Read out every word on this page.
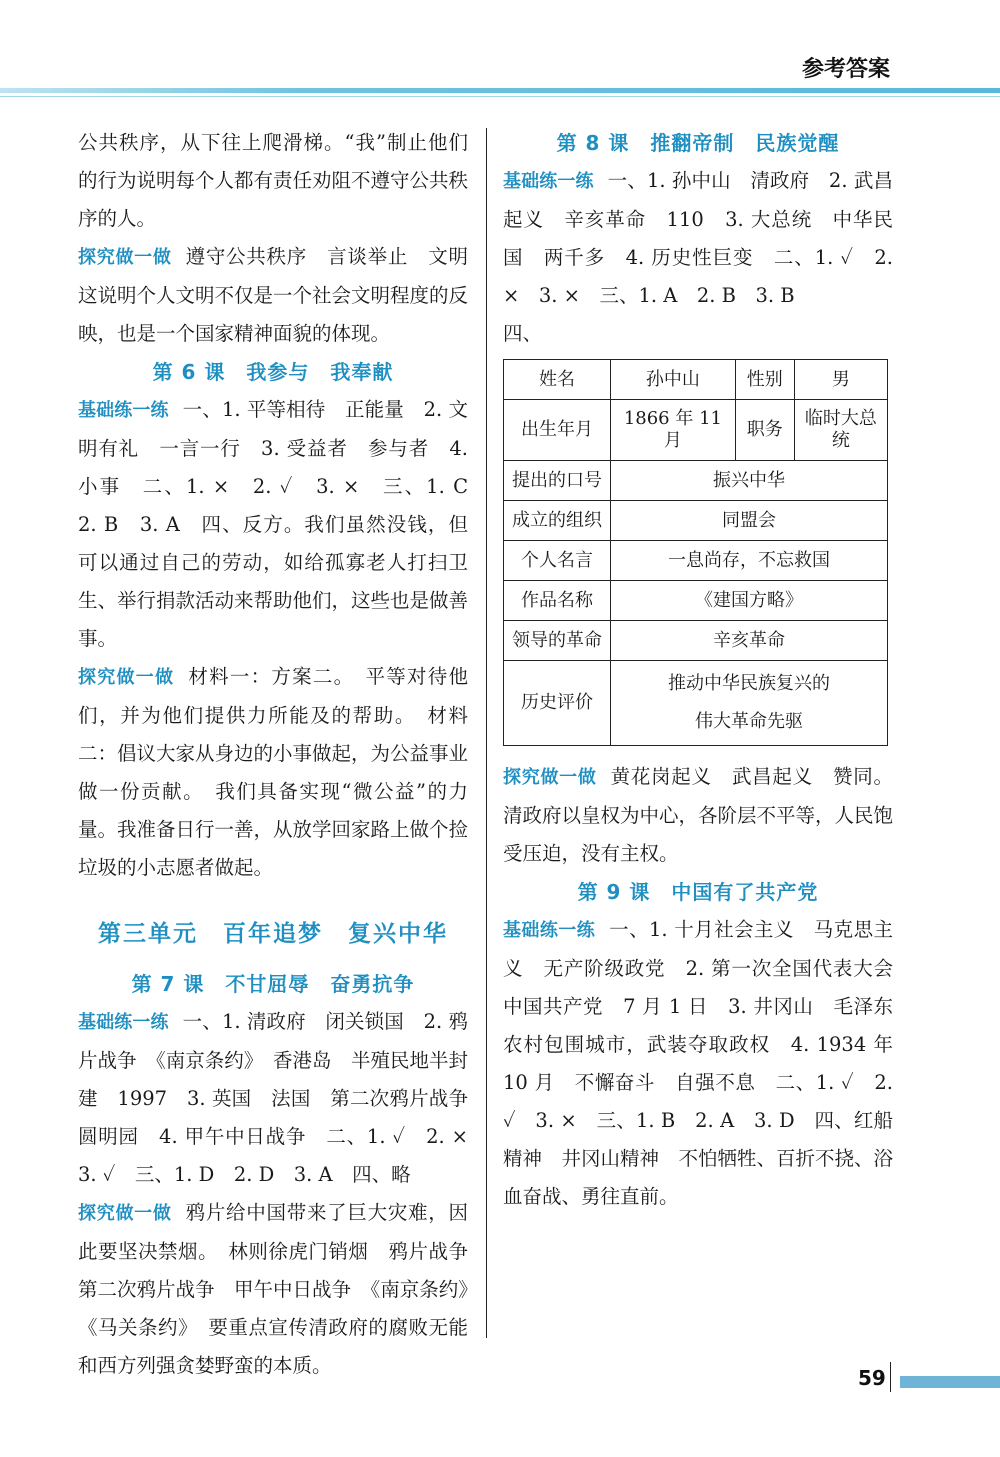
参考答案

公共秩序，从下往上爬滑梯。“我”制止他们的行为说明每个人都有责任劝阻不遵守公共秩序的人。

探究做一做 遵守公共秩序　言谈举止　文明　这说明个人文明不仅是一个社会文明程度的反映，也是一个国家精神面貌的体现。

第 6 课　我参与　我奉献

基础练一练 一、1. 平等相待　正能量　2. 文明有礼　一言一行　3. 受益者　参与者　4. 小事　二、1. ×　2. ✓　3. ×　三、1. C　2. B　3. A　四、反方。我们虽然没钱，但可以通过自己的劳动，如给孤寡老人打扫卫生、举行捐款活动来帮助他们，这些也是做善事。

探究做一做 材料一：方案二。　平等对待他们，并为他们提供力所能及的帮助。　材料二：倡议大家从身边的小事做起，为公益事业做一份贡献。　我们具备实现“微公益”的力量。我准备日行一善，从放学回家路上做个捡垃圾的小志愿者做起。

第三单元　百年追梦　复兴中华

第 7 课　不甘屈辱　奋勇抗争

基础练一练 一、1. 清政府　闭关锁国　2. 鸦片战争　《南京条约》　香港岛　半殖民地半封建　1997　3. 英国　法国　第二次鸦片战争　圆明园　4. 甲午中日战争　二、1. ✓　2. ×　3. ✓　三、1. D　2. D　3. A　四、略

探究做一做 鸦片给中国带来了巨大灾难，因此要坚决禁烟。　林则徐虎门销烟　鸦片战争　第二次鸦片战争　甲午中日战争　《南京条约》《马关条约》　要重点宣传清政府的腐败无能和西方列强贪婪野蛮的本质。

第 8 课　推翻帝制　民族觉醒

基础练一练 一、1. 孙中山　清政府　2. 武昌起义　辛亥革命　110　3. 大总统　中华民国　两千多　4. 历史性巨变　二、1. ✓　2. ×　3. ×　三、1. A　2. B　3. B

四、

姓名	孙中山	性别	男
出生年月	1866 年 11 月	职务	临时大总统
提出的口号	振兴中华		
成立的组织	同盟会		
个人名言	一息尚存，不忘救国		
作品名称	《建国方略》		
领导的革命	辛亥革命		
历史评价	推动中华民族复兴的
伟大革命先驱		

探究做一做 黄花岗起义　武昌起义　赞同。清政府以皇权为中心，各阶层不平等，人民饱受压迫，没有主权。

第 9 课　中国有了共产党

基础练一练 一、1. 十月社会主义　马克思主义　无产阶级政党　2. 第一次全国代表大会　中国共产党　7 月 1 日　3. 井冈山　毛泽东　农村包围城市，武装夺取政权　4. 1934 年 10 月　不懈奋斗　自强不息　二、1. ✓　2. ✓　3. ×　三、1. B　2. A　3. D　四、红船精神　井冈山精神　不怕牺牲、百折不挠、浴血奋战、勇往直前。

59
